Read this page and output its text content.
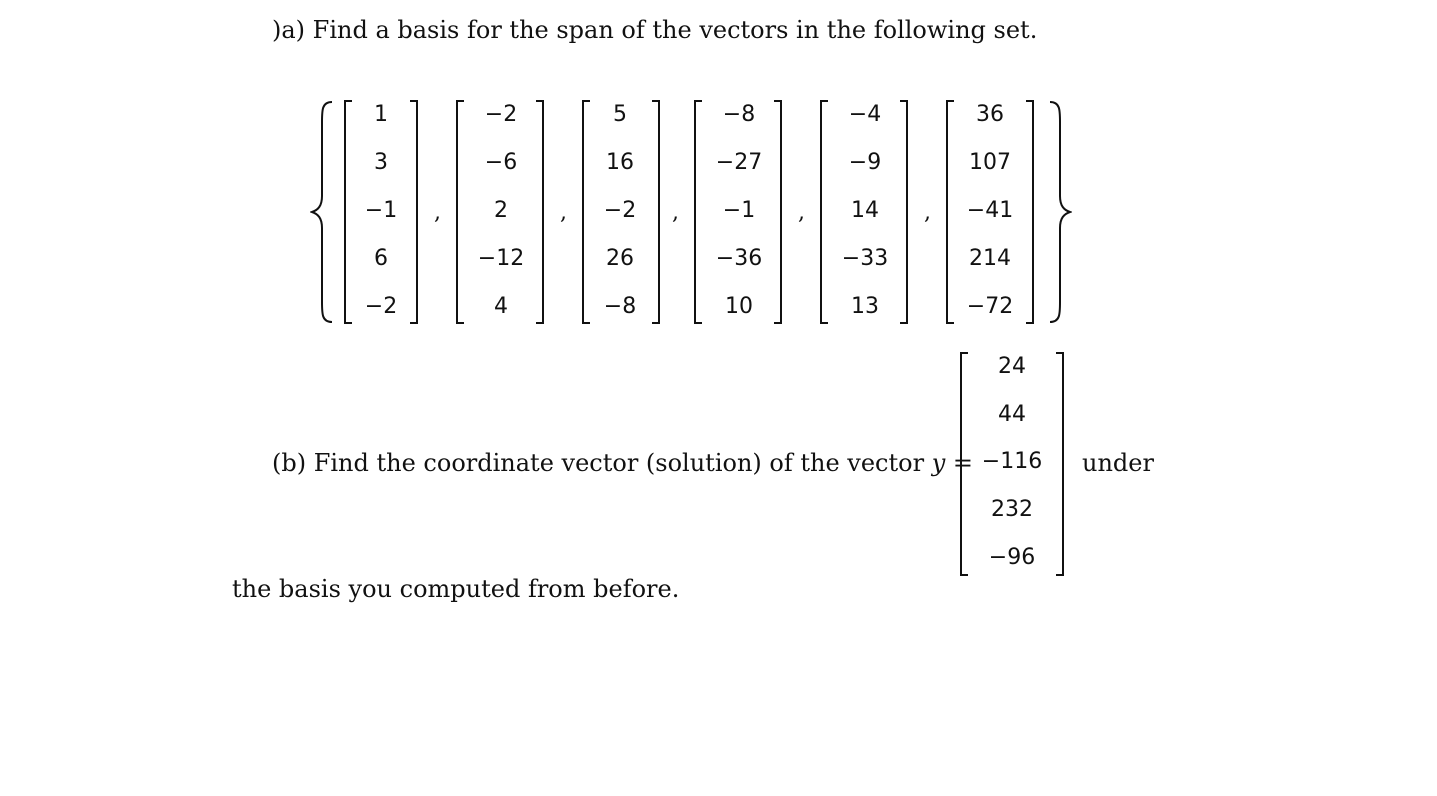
)a) Find a basis for the span of the vectors in the following set.
1
3
−1
6
−2
,
−2
−6
2
−12
4
,
5
16
−2
26
−8
,
−8
−27
−1
−36
10
,
−4
−9
14
−33
13
,
36
107
−41
214
−72
(b) Find the coordinate vector (solution) of the vector y =
24
44
−116
232
−96
under
the basis you computed from before.
